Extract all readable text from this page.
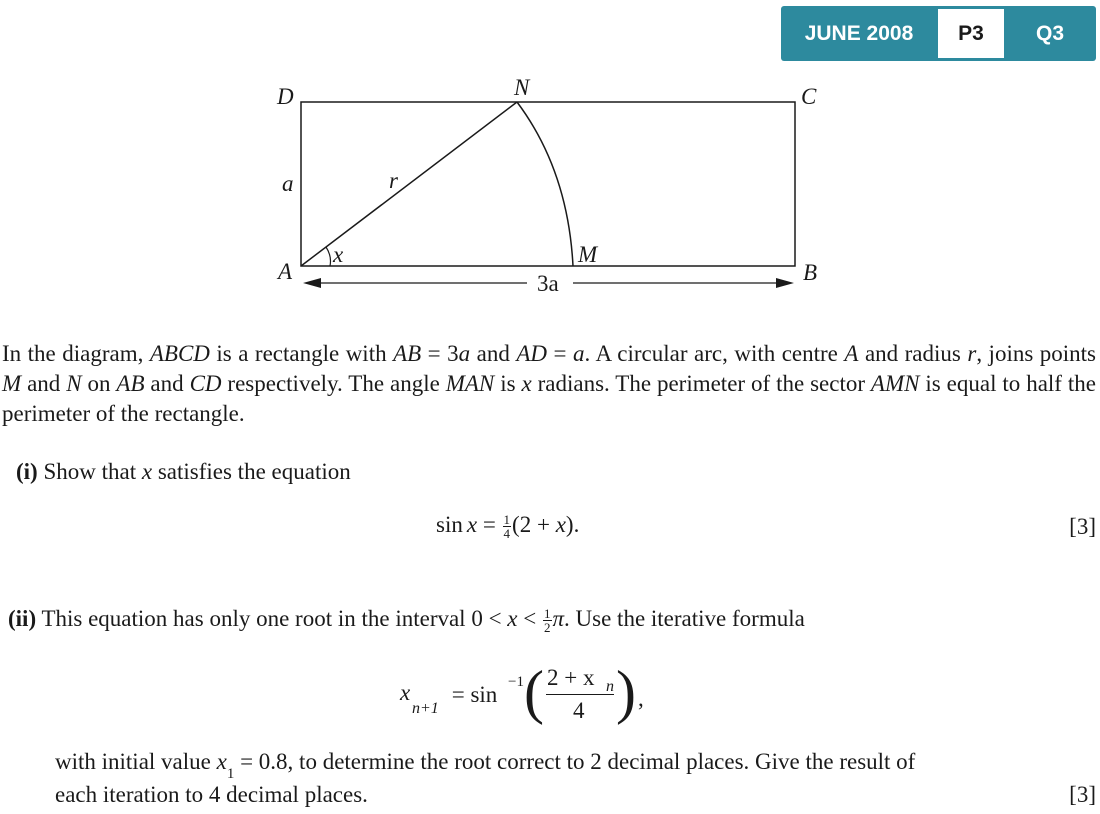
JUNE 2008	P3	Q3
D	N	C
a	r
x
A
M
B
3a

In the diagram, ABCD is a rectangle with AB = 3a and AD = a. A circular arc, with centre A and radius r, joins points M and N on AB and CD respectively. The angle MAN is x radians. The perimeter of the sector AMN is equal to half the perimeter of the rectangle.

(i) Show that x satisfies the equation
$\sin x = \frac{1}{4} (2 + x)$.	[3]
(ii) This equation has only one root in the interval $0 < x < \frac{1}{2} \pi$. Use the iterative formula
x
n+1
= sin −1 ( 2 + x n
4 ) ,
with initial value $x_1 = 0.8$, to determine the root correct to 2 decimal places. Give the result of
each iteration to 4 decimal places.	[3]
